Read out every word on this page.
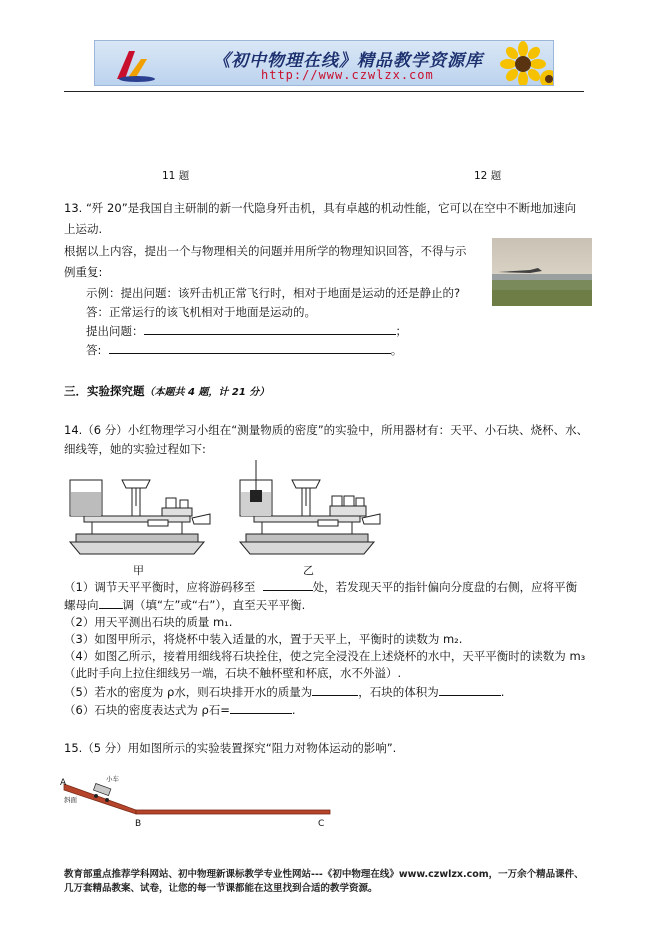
《初中物理在线》精品教学资源库
http://www.czwlzx.com
11 题	12 题
13. “歼 20”是我国自主研制的新一代隐身歼击机，具有卓越的机动性能，它可以在空中不断地加速向
上运动.
根据以上内容，提出一个与物理相关的问题并用所学的物理知识回答，不得与示
例重复:
示例：提出问题：该歼击机正常飞行时，相对于地面是运动的还是静止的?
答：正常运行的该飞机相对于地面是运动的。
提出问题：	；
答:	。
三．实验探究题（本题共 4 题，计 21 分）
14.（6 分）小红物理学习小组在“测量物质的密度”的实验中，所用器材有：天平、小石块、烧杯、水、
细线等，她的实验过程如下:
甲	乙
（1）调节天平平衡时，应将游码移至	处，若发现天平的指针偏向分度盘的右侧，应将平衡
螺母向 调（填“左”或“右”），直至天平平衡.
（2）用天平测出石块的质量 m₁.
（3）如图甲所示，将烧杯中装入适量的水，置于天平上，平衡时的读数为 m₂.
（4）如图乙所示，接着用细线将石块拴住，使之完全浸没在上述烧杯的水中，天平平衡时的读数为 m₃
（此时手向上拉住细线另一端，石块不触杯壁和杯底，水不外溢）.
（5）若水的密度为 ρ水，则石块排开水的质量为	，石块的体积为	.
（6）石块的密度表达式为 ρ石=	.
15.（5 分）用如图所示的实验装置探究“阻力对物体运动的影响”.
A	小车
斜面
B	C
教育部重点推荐学科网站、初中物理新课标教学专业性网站---《初中物理在线》www.czwlzx.com，一万余个精品课件、
几万套精品教案、试卷，让您的每一节课都能在这里找到合适的教学资源。
